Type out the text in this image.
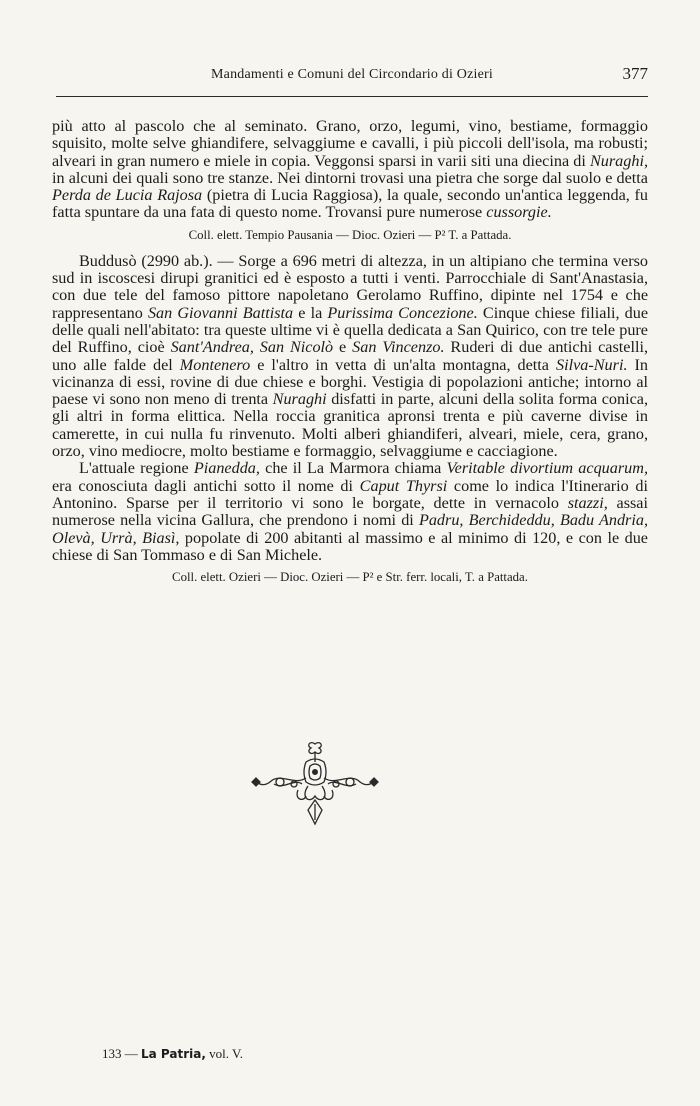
Mandamenti e Comuni del Circondario di Ozieri	377

più atto al pascolo che al seminato. Grano, orzo, legumi, vino, bestiame, formaggio squisito, molte selve ghiandifere, selvaggiume e cavalli, i più piccoli dell'isola, ma robusti; alveari in gran numero e miele in copia. Veggonsi sparsi in varii siti una diecina di Nuraghi, in alcuni dei quali sono tre stanze. Nei dintorni trovasi una pietra che sorge dal suolo e detta Perda de Lucia Rajosa (pietra di Lucia Raggiosa), la quale, secondo un'antica leggenda, fu fatta spuntare da una fata di questo nome. Trovansi pure numerose cussorgie.

Coll. elett. Tempio Pausania — Dioc. Ozieri — P² T. a Pattada.

Buddusò (2990 ab.). — Sorge a 696 metri di altezza, in un altipiano che termina verso sud in iscoscesi dirupi granitici ed è esposto a tutti i venti. Parrocchiale di Sant'Anastasia, con due tele del famoso pittore napoletano Gerolamo Ruffino, dipinte nel 1754 e che rappresentano San Giovanni Battista e la Purissima Concezione. Cinque chiese filiali, due delle quali nell'abitato: tra queste ultime vi è quella dedicata a San Quirico, con tre tele pure del Ruffino, cioè Sant'Andrea, San Nicolò e San Vincenzo. Ruderi di due antichi castelli, uno alle falde del Montenero e l'altro in vetta di un'alta montagna, detta Silva-Nuri. In vicinanza di essi, rovine di due chiese e borghi. Vestigia di popolazioni antiche; intorno al paese vi sono non meno di trenta Nuraghi disfatti in parte, alcuni della solita forma conica, gli altri in forma elittica. Nella roccia granitica apronsi trenta e più caverne divise in camerette, in cui nulla fu rinvenuto. Molti alberi ghiandiferi, alveari, miele, cera, grano, orzo, vino mediocre, molto bestiame e formaggio, selvaggiume e cacciagione.

L'attuale regione Pianedda, che il La Marmora chiama Veritable divortium acquarum, era conosciuta dagli antichi sotto il nome di Caput Thyrsi come lo indica l'Itinerario di Antonino. Sparse per il territorio vi sono le borgate, dette in vernacolo stazzi, assai numerose nella vicina Gallura, che prendono i nomi di Padru, Berchideddu, Badu Andria, Olevà, Urrà, Biasì, popolate di 200 abitanti al massimo e al minimo di 120, e con le due chiese di San Tommaso e di San Michele.

Coll. elett. Ozieri — Dioc. Ozieri — P² e Str. ferr. locali, T. a Pattada.
133 — La Patria, vol. V.
